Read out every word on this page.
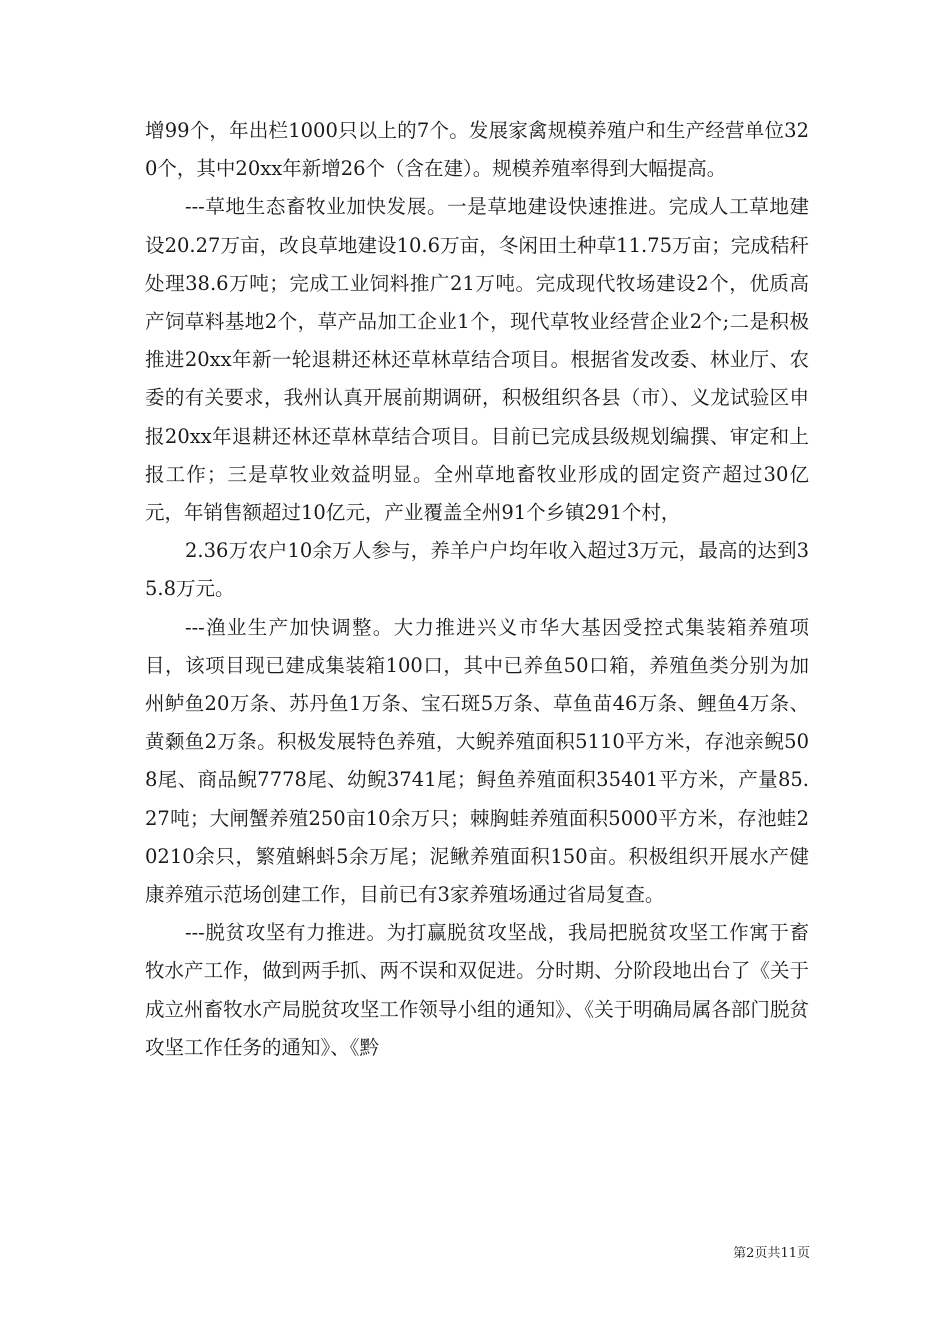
增99个，年出栏1000只以上的7个。发展家禽规模养殖户和生产经营单位320个，其中20xx年新增26个（含在建）。规模养殖率得到大幅提高。

---草地生态畜牧业加快发展。一是草地建设快速推进。完成人工草地建设20.27万亩，改良草地建设10.6万亩，冬闲田土种草11.75万亩；完成秸秆处理38.6万吨；完成工业饲料推广21万吨。完成现代牧场建设2个，优质高产饲草料基地2个，草产品加工企业1个，现代草牧业经营企业2个;二是积极推进20xx年新一轮退耕还林还草林草结合项目。根据省发改委、林业厅、农委的有关要求，我州认真开展前期调研，积极组织各县（市）、义龙试验区申报20xx年退耕还林还草林草结合项目。目前已完成县级规划编撰、审定和上报工作；三是草牧业效益明显。全州草地畜牧业形成的固定资产超过30亿元，年销售额超过10亿元，产业覆盖全州91个乡镇291个村，

2.36万农户10余万人参与，养羊户户均年收入超过3万元，最高的达到35.8万元。

---渔业生产加快调整。大力推进兴义市华大基因受控式集装箱养殖项目，该项目现已建成集装箱100口，其中已养鱼50口箱，养殖鱼类分别为加州鲈鱼20万条、苏丹鱼1万条、宝石斑5万条、草鱼苗46万条、鲤鱼4万条、黄颡鱼2万条。积极发展特色养殖，大鲵养殖面积5110平方米，存池亲鲵508尾、商品鲵7778尾、幼鲵3741尾；鲟鱼养殖面积35401平方米，产量85.27吨；大闸蟹养殖250亩10余万只；棘胸蛙养殖面积5000平方米，存池蛙20210余只，繁殖蝌蚪5余万尾；泥鳅养殖面积150亩。积极组织开展水产健康养殖示范场创建工作，目前已有3家养殖场通过省局复查。

---脱贫攻坚有力推进。为打赢脱贫攻坚战，我局把脱贫攻坚工作寓于畜牧水产工作，做到两手抓、两不误和双促进。分时期、分阶段地出台了《关于成立州畜牧水产局脱贫攻坚工作领导小组的通知》、《关于明确局属各部门脱贫攻坚工作任务的通知》、《黔

第2页共11页
